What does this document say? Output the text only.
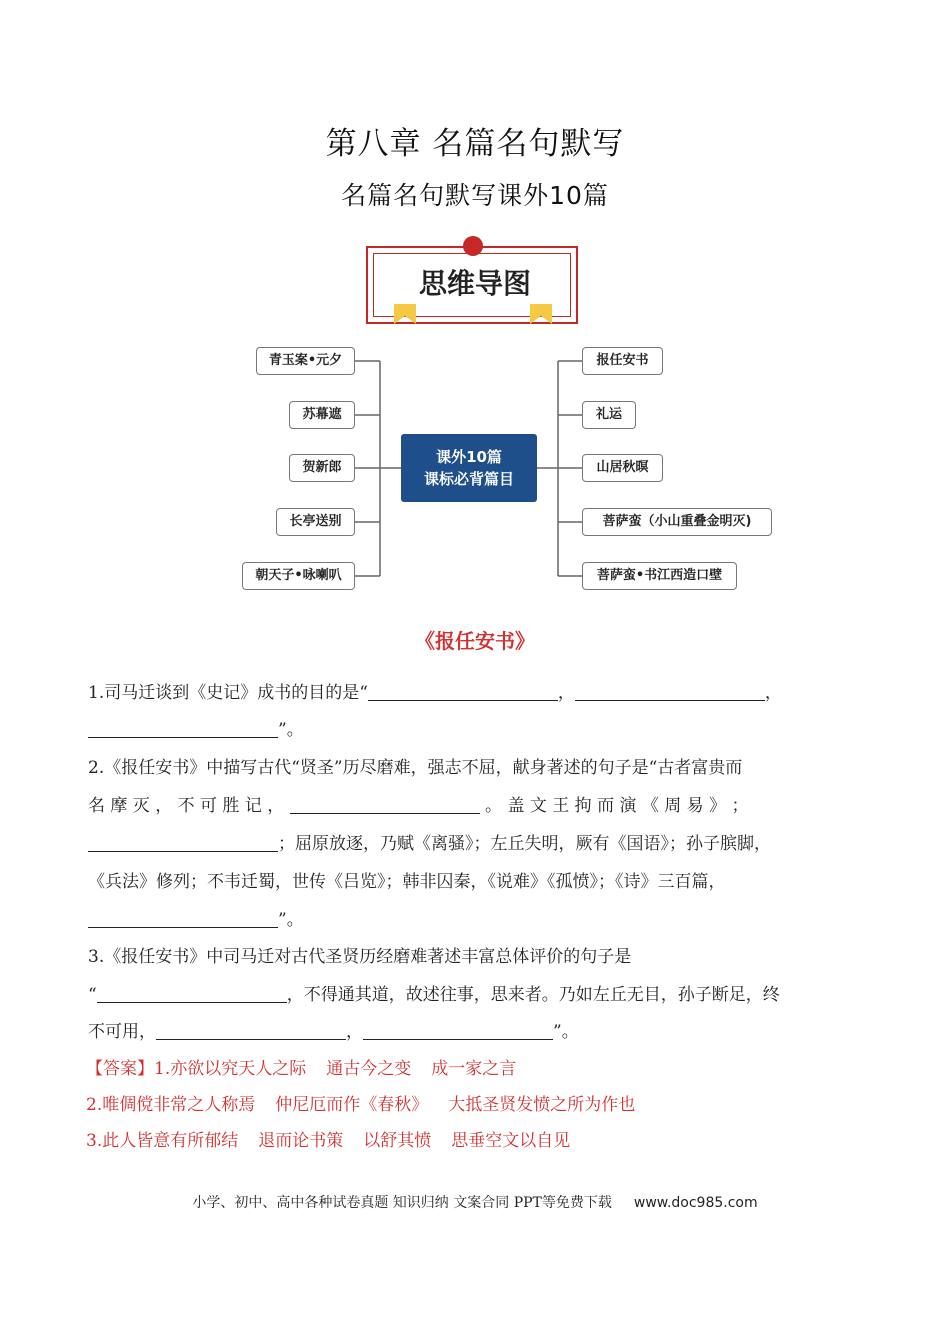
第八章 名篇名句默写
名篇名句默写课外10篇
思维导图
课外10篇
课标必背篇目
青玉案•元夕
苏幕遮
贺新郎
长亭送别
朝天子•咏喇叭
报任安书
礼运
山居秋暝
菩萨蛮（小山重叠金明灭)
菩萨蛮•书江西造口壁
《报任安书》
1.司马迁谈到《史记》成书的目的是“	，	，
”。
2.《报任安书》中描写古代“贤圣”历尽磨难，强志不屈，献身著述的句子是“古者富贵而
名 摩 灭 ， 不 可 胜 记 ，	。 盖 文 王 拘 而 演 《 周 易 》 ；
；屈原放逐，乃赋《离骚》；左丘失明，厥有《国语》；孙子膑脚，
《兵法》修列；不韦迁蜀，世传《吕览》；韩非囚秦，《说难》《孤愤》；《诗》三百篇，
”。
3.《报任安书》中司马迁对古代圣贤历经磨难著述丰富总体评价的句子是
“	，不得通其道，故述往事，思来者。乃如左丘无目，孙子断足，终
不可用，	，	”。
【答案】1.亦欲以究天人之际 通古今之变 成一家之言
2.唯倜傥非常之人称焉 仲尼厄而作《春秋》 大抵圣贤发愤之所为作也
3.此人皆意有所郁结 退而论书策 以舒其愤 思垂空文以自见
小学、初中、高中各种试卷真题 知识归纳 文案合同 PPT等免费下载 www.doc985.com
